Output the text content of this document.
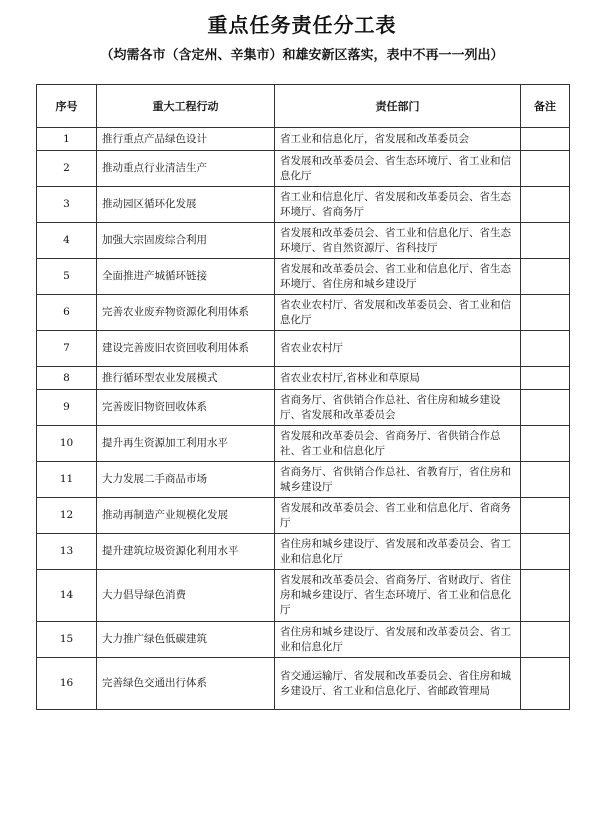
重点任务责任分工表
（均需各市（含定州、辛集市）和雄安新区落实，表中不再一一列出）
序号	重大工程行动	责任部门	备注
1	推行重点产品绿色设计	省工业和信息化厅，省发展和改革委员会	
2	推动重点行业清洁生产	省发展和改革委员会、省生态环境厅、省工业和信息化厅	
3	推动园区循环化发展	省工业和信息化厅、省发展和改革委员会、省生态环境厅、省商务厅	
4	加强大宗固废综合利用	省发展和改革委员会、省工业和信息化厅、省生态环境厅、省自然资源厅、省科技厅	
5	全面推进产城循环链接	省发展和改革委员会、省工业和信息化厅、省生态环境厅、省住房和城乡建设厅	
6	完善农业废弃物资源化利用体系	省农业农村厅、省发展和改革委员会、省工业和信息化厅	
7	建设完善废旧农资回收利用体系	省农业农村厅	
8	推行循环型农业发展模式	省农业农村厅,省林业和草原局	
9	完善废旧物资回收体系	省商务厅、省供销合作总社、省住房和城乡建设厅、省发展和改革委员会	
10	提升再生资源加工利用水平	省发展和改革委员会、省商务厅、省供销合作总社、省工业和信息化厅	
11	大力发展二手商品市场	省商务厅、省供销合作总社、省教育厅，省住房和城乡建设厅	
12	推动再制造产业规模化发展	省发展和改革委员会、省工业和信息化厅、省商务厅	
13	提升建筑垃圾资源化利用水平	省住房和城乡建设厅、省发展和改革委员会、省工业和信息化厅	
14	大力倡导绿色消费	省发展和改革委员会、省商务厅、省财政厅、省住房和城乡建设厅、省生态环境厅、省工业和信息化厅	
15	大力推广绿色低碳建筑	省住房和城乡建设厅、省发展和改革委员会、省工业和信息化厅	
16	完善绿色交通出行体系	省交通运输厅、省发展和改革委员会、省住房和城乡建设厅、省工业和信息化厅、省邮政管理局	
